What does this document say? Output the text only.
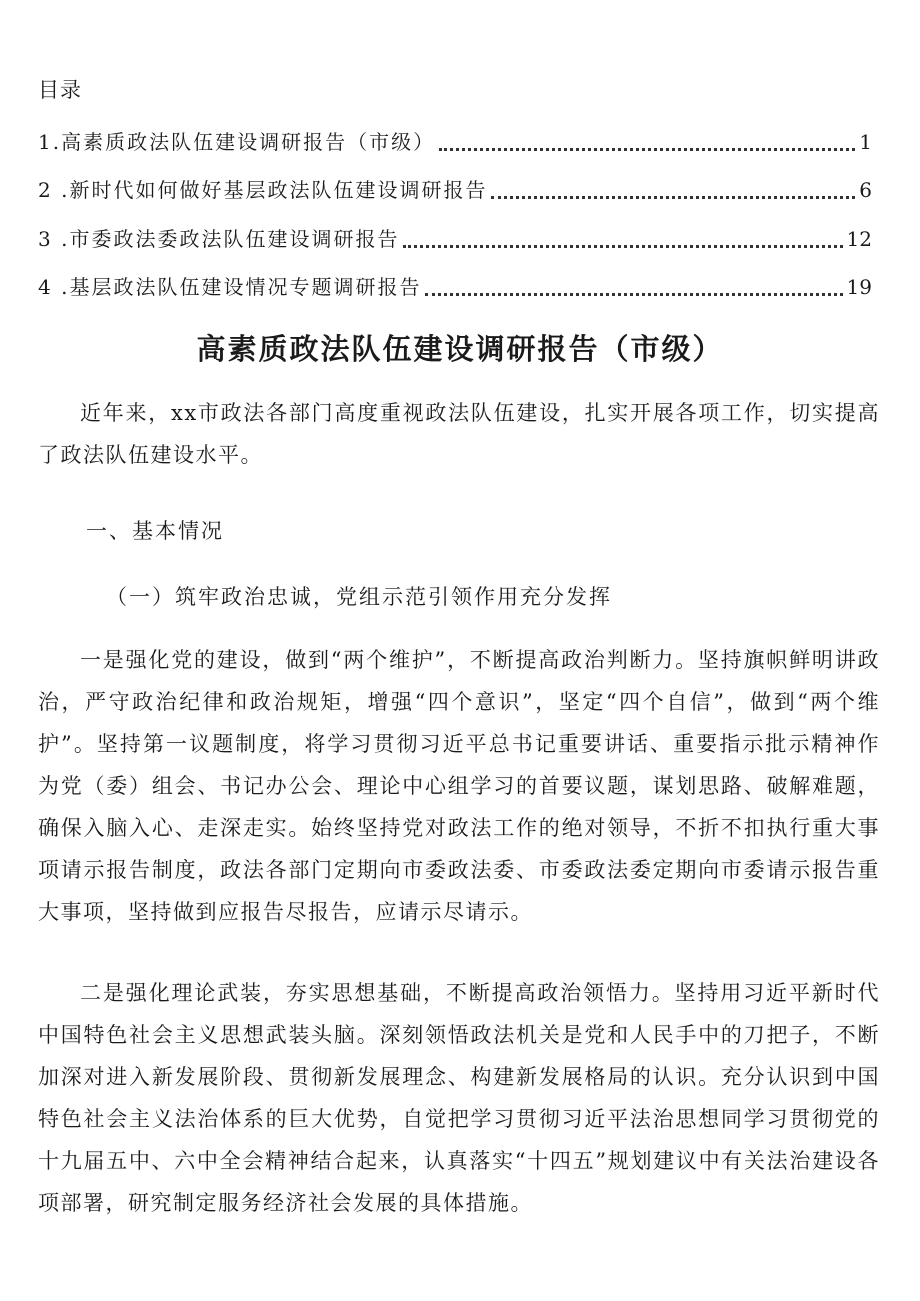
目录
1. 高素质政法队伍建设调研报告（市级）	1
2 . 新时代如何做好基层政法队伍建设调研报告	6
3 . 市委政法委政法队伍建设调研报告	12
4 . 基层政法队伍建设情况专题调研报告	19
高素质政法队伍建设调研报告（市级）

近年来，xx市政法各部门高度重视政法队伍建设，扎实开展各项工作，切实提高了政法队伍建设水平。

一、基本情况
（一）筑牢政治忠诚，党组示范引领作用充分发挥

一是强化党的建设，做到“两个维护”，不断提高政治判断力。坚持旗帜鲜明讲政治，严守政治纪律和政治规矩，增强“四个意识”，坚定“四个自信”，做到“两个维护”。坚持第一议题制度，将学习贯彻习近平总书记重要讲话、重要指示批示精神作为党（委）组会、书记办公会、理论中心组学习的首要议题，谋划思路、破解难题，确保入脑入心、走深走实。始终坚持党对政法工作的绝对领导，不折不扣执行重大事项请示报告制度，政法各部门定期向市委政法委、市委政法委定期向市委请示报告重大事项，坚持做到应报告尽报告，应请示尽请示。

二是强化理论武装，夯实思想基础，不断提高政治领悟力。坚持用习近平新时代中国特色社会主义思想武装头脑。深刻领悟政法机关是党和人民手中的刀把子，不断加深对进入新发展阶段、贯彻新发展理念、构建新发展格局的认识。充分认识到中国特色社会主义法治体系的巨大优势，自觉把学习贯彻习近平法治思想同学习贯彻党的十九届五中、六中全会精神结合起来，认真落实“十四五”规划建议中有关法治建设各项部署，研究制定服务经济社会发展的具体措施。
